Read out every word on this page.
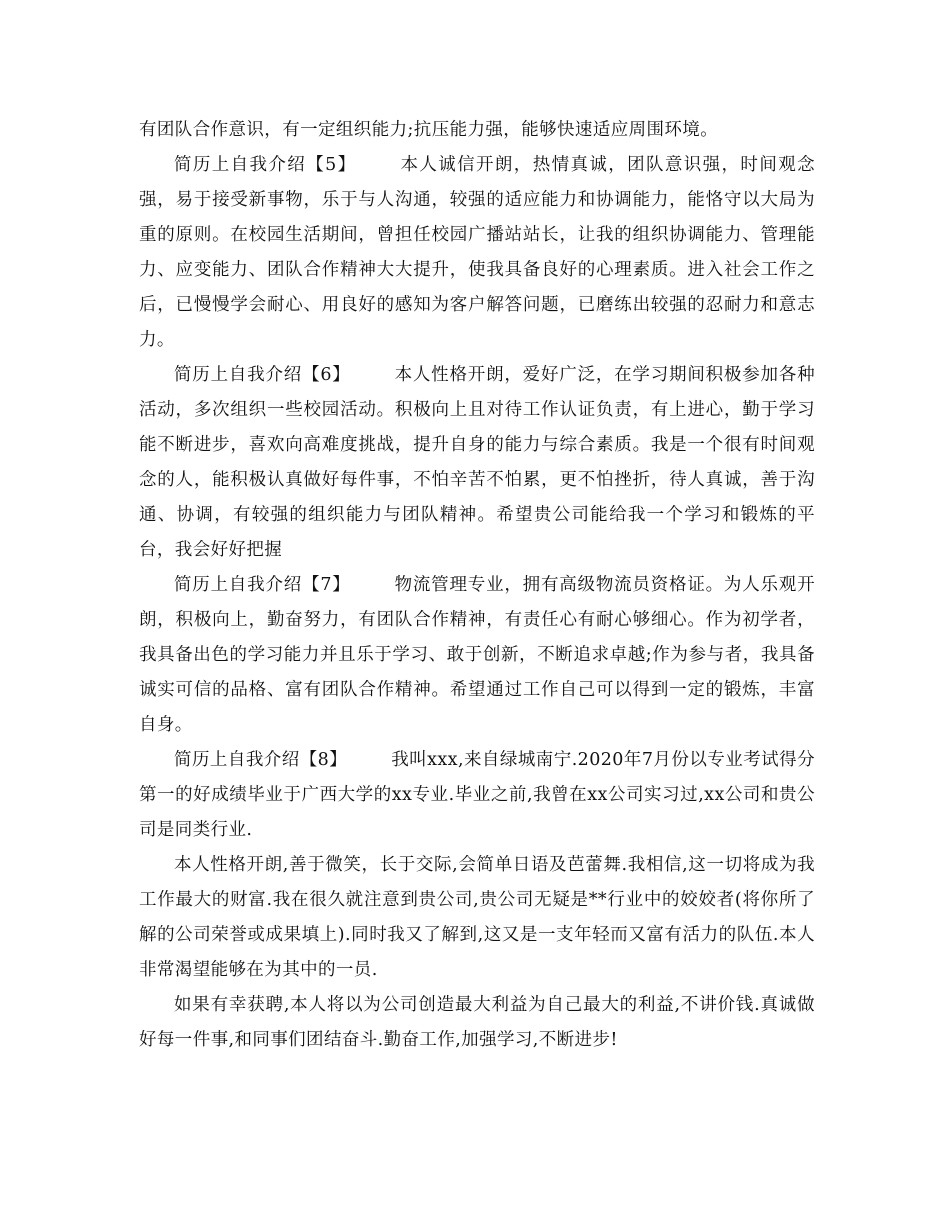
有团队合作意识，有一定组织能力;抗压能力强，能够快速适应周围环境。

简历上自我介绍【5】	本人诚信开朗，热情真诚，团队意识强，时间观念强，易于接受新事物，乐于与人沟通，较强的适应能力和协调能力，能恪守以大局为重的原则。在校园生活期间，曾担任校园广播站站长，让我的组织协调能力、管理能力、应变能力、团队合作精神大大提升，使我具备良好的心理素质。进入社会工作之后，已慢慢学会耐心、用良好的感知为客户解答问题，已磨练出较强的忍耐力和意志力。

简历上自我介绍【6】	本人性格开朗，爱好广泛，在学习期间积极参加各种活动，多次组织一些校园活动。积极向上且对待工作认证负责，有上进心，勤于学习能不断进步，喜欢向高难度挑战，提升自身的能力与综合素质。我是一个很有时间观念的人，能积极认真做好每件事，不怕辛苦不怕累，更不怕挫折，待人真诚，善于沟通、协调，有较强的组织能力与团队精神。希望贵公司能给我一个学习和锻炼的平台，我会好好把握

简历上自我介绍【7】	物流管理专业，拥有高级物流员资格证。为人乐观开朗，积极向上，勤奋努力，有团队合作精神，有责任心有耐心够细心。作为初学者，我具备出色的学习能力并且乐于学习、敢于创新，不断追求卓越;作为参与者，我具备诚实可信的品格、富有团队合作精神。希望通过工作自己可以得到一定的锻炼，丰富自身。

简历上自我介绍【8】	我叫xxx,来自绿城南宁.2020年7月份以专业考试得分第一的好成绩毕业于广西大学的xx专业.毕业之前,我曾在xx公司实习过,xx公司和贵公司是同类行业.

本人性格开朗,善于微笑，长于交际,会简单日语及芭蕾舞.我相信,这一切将成为我工作最大的财富.我在很久就注意到贵公司,贵公司无疑是**行业中的姣姣者(将你所了解的公司荣誉或成果填上).同时我又了解到,这又是一支年轻而又富有活力的队伍.本人非常渴望能够在为其中的一员.

如果有幸获聘,本人将以为公司创造最大利益为自己最大的利益,不讲价钱.真诚做好每一件事,和同事们团结奋斗.勤奋工作,加强学习,不断进步!
